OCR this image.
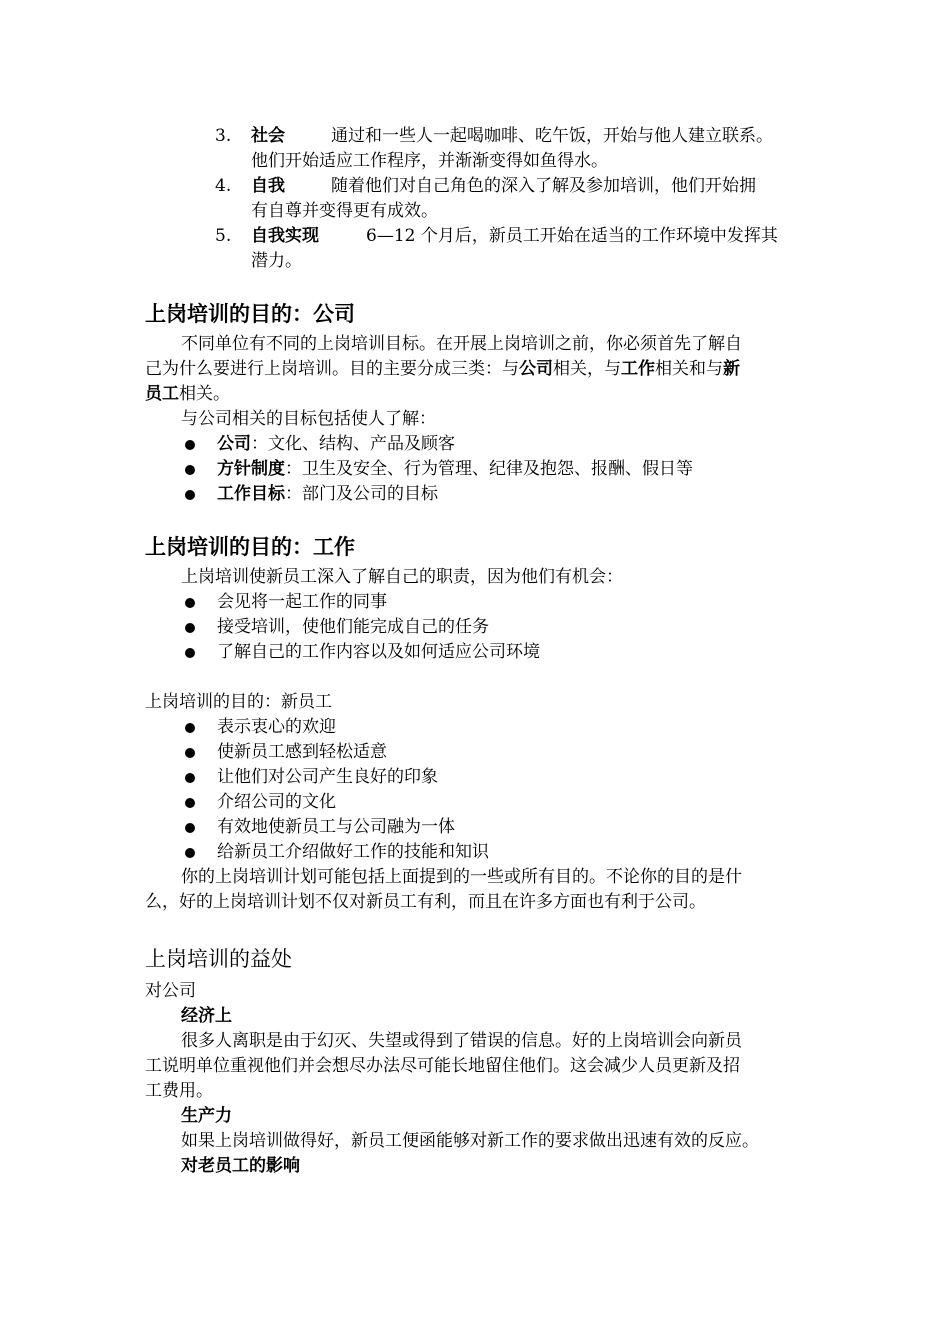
3. 社会	通过和一些人一起喝咖啡、吃午饭，开始与他人建立联系。
他们开始适应工作程序，并渐渐变得如鱼得水。
4. 自我	随着他们对自己角色的深入了解及参加培训，他们开始拥
有自尊并变得更有成效。
5. 自我实现	6—12 个月后，新员工开始在适当的工作环境中发挥其
潜力。
上岗培训的目的：公司
不同单位有不同的上岗培训目标。在开展上岗培训之前，你必须首先了解自
己为什么要进行上岗培训。目的主要分成三类：与公司相关，与工作相关和与新
员工相关。
与公司相关的目标包括使人了解：
公司：文化、结构、产品及顾客
方针制度：卫生及安全、行为管理、纪律及抱怨、报酬、假日等
工作目标：部门及公司的目标
上岗培训的目的：工作
上岗培训使新员工深入了解自己的职责，因为他们有机会：
会见将一起工作的同事
接受培训，使他们能完成自己的任务
了解自己的工作内容以及如何适应公司环境
上岗培训的目的：新员工
表示衷心的欢迎
使新员工感到轻松适意
让他们对公司产生良好的印象
介绍公司的文化
有效地使新员工与公司融为一体
给新员工介绍做好工作的技能和知识
你的上岗培训计划可能包括上面提到的一些或所有目的。不论你的目的是什
么，好的上岗培训计划不仅对新员工有利，而且在许多方面也有利于公司。
上岗培训的益处
对公司
经济上
很多人离职是由于幻灭、失望或得到了错误的信息。好的上岗培训会向新员
工说明单位重视他们并会想尽办法尽可能长地留住他们。这会减少人员更新及招
工费用。
生产力
如果上岗培训做得好，新员工便函能够对新工作的要求做出迅速有效的反应。
对老员工的影响
